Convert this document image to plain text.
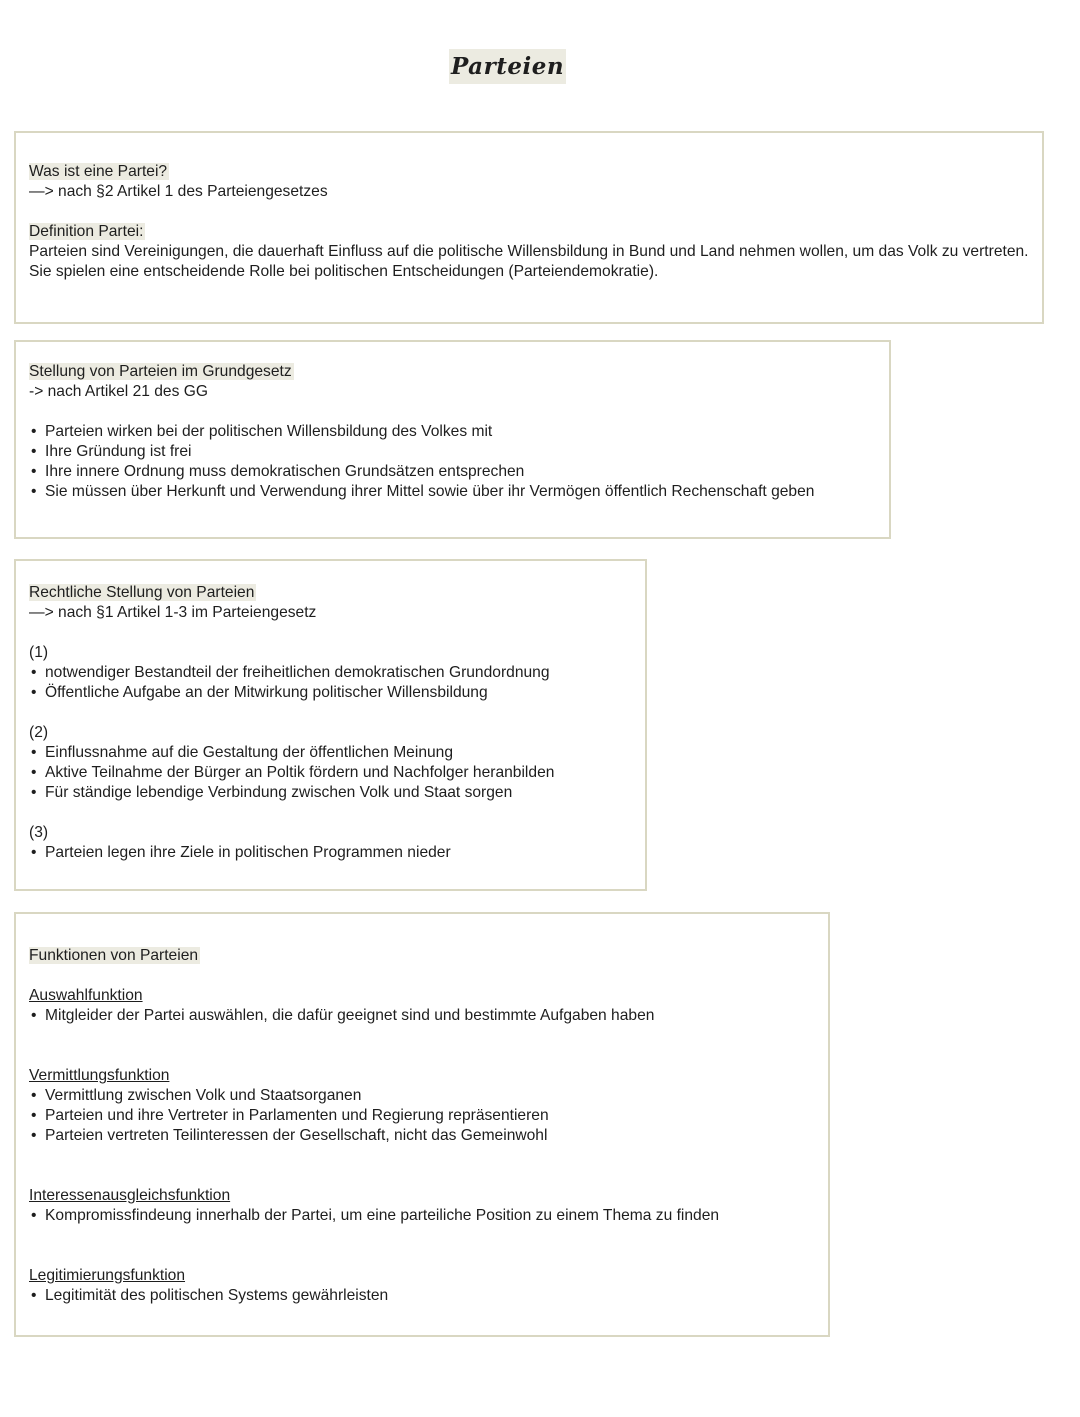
Parteien
Was ist eine Partei?
—> nach §2 Artikel 1 des Parteiengesetzes
Definition Partei:
Parteien sind Vereinigungen, die dauerhaft Einfluss auf die politische Willensbildung in Bund und Land nehmen wollen, um das Volk zu vertreten. Sie spielen eine entscheidende Rolle bei politischen Entscheidungen (Parteiendemokratie).
Stellung von Parteien im Grundgesetz
-> nach Artikel 21 des GG
• Parteien wirken bei der politischen Willensbildung des Volkes mit
• Ihre Gründung ist frei
• Ihre innere Ordnung muss demokratischen Grundsätzen entsprechen
• Sie müssen über Herkunft und Verwendung ihrer Mittel sowie über ihr Vermögen öffentlich Rechenschaft geben
Rechtliche Stellung von Parteien
—> nach §1 Artikel 1-3 im Parteiengesetz
(1)
• notwendiger Bestandteil der freiheitlichen demokratischen Grundordnung
• Öffentliche Aufgabe an der Mitwirkung politischer Willensbildung
(2)
• Einflussnahme auf die Gestaltung der öffentlichen Meinung
• Aktive Teilnahme der Bürger an Poltik fördern und Nachfolger heranbilden
• Für ständige lebendige Verbindung zwischen Volk und Staat sorgen
(3)
• Parteien legen ihre Ziele in politischen Programmen nieder
Funktionen von Parteien
Auswahlfunktion
• Mitgleider der Partei auswählen, die dafür geeignet sind und bestimmte Aufgaben haben
Vermittlungsfunktion
• Vermittlung zwischen Volk und Staatsorganen
• Parteien und ihre Vertreter in Parlamenten und Regierung repräsentieren
• Parteien vertreten Teilinteressen der Gesellschaft, nicht das Gemeinwohl
Interessenausgleichsfunktion
• Kompromissfindeung innerhalb der Partei, um eine parteiliche Position zu einem Thema zu finden
Legitimierungsfunktion
• Legitimität des politischen Systems gewährleisten
